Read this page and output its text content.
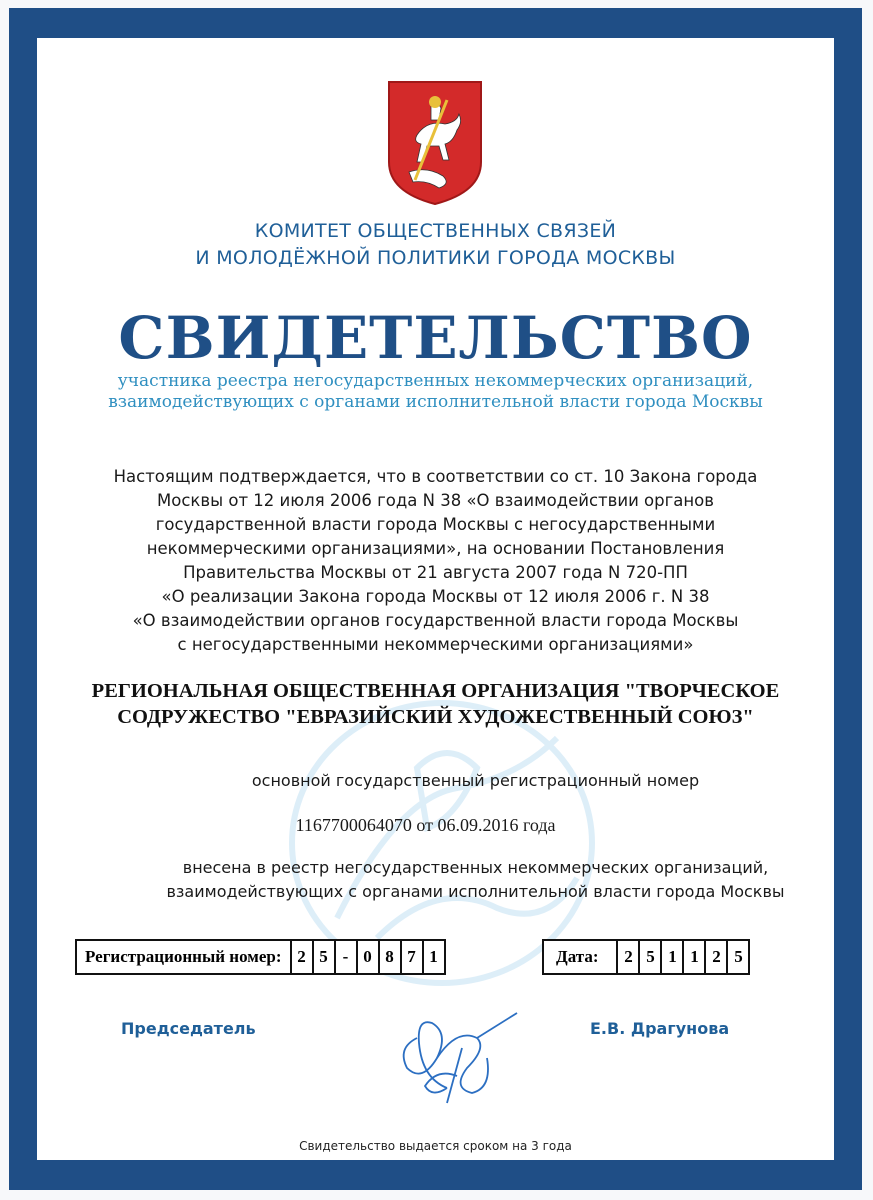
КОМИТЕТ ОБЩЕСТВЕННЫХ СВЯЗЕЙ
И МОЛОДЁЖНОЙ ПОЛИТИКИ ГОРОДА МОСКВЫ
СВИДЕТЕЛЬСТВО
участника реестра негосударственных некоммерческих организаций,
взаимодействующих с органами исполнительной власти города Москвы
Настоящим подтверждается, что в соответствии со ст. 10 Закона города
Москвы от 12 июля 2006 года N 38 «О взаимодействии органов
государственной власти города Москвы с негосударственными
некоммерческими организациями», на основании Постановления
Правительства Москвы от 21 августа 2007 года N 720-ПП
«О реализации Закона города Москвы от 12 июля 2006 г. N 38
«О взаимодействии органов государственной власти города Москвы
с негосударственными некоммерческими организациями»
РЕГИОНАЛЬНАЯ ОБЩЕСТВЕННАЯ ОРГАНИЗАЦИЯ "ТВОРЧЕСКОЕ
СОДРУЖЕСТВО "ЕВРАЗИЙСКИЙ ХУДОЖЕСТВЕННЫЙ СОЮЗ"
основной государственный регистрационный номер
1167700064070 от 06.09.2016 года
внесена в реестр негосударственных некоммерческих организаций,
взаимодействующих с органами исполнительной власти города Москвы
Регистрационный номер: 2 5 - 0 8 7 1	Дата:	2 5 1 1 2 5
Председатель	Е.В. Драгунова
Свидетельство выдается сроком на 3 года
